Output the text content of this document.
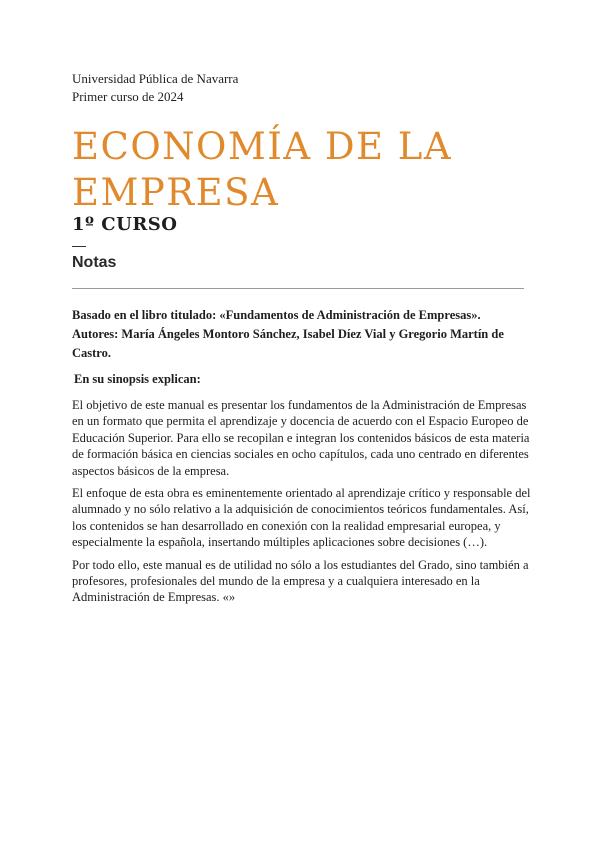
Universidad Pública de Navarra

Primer curso de 2024

ECONOMÍA DE LA EMPRESA
1º CURSO
Notas

Basado en el libro titulado: «Fundamentos de Administración de Empresas». Autores: María Ángeles Montoro Sánchez, Isabel Díez Vial y Gregorio Martín de Castro.

En su sinopsis explican:

El objetivo de este manual es presentar los fundamentos de la Administración de Empresas en un formato que permita el aprendizaje y docencia de acuerdo con el Espacio Europeo de Educación Superior. Para ello se recopilan e integran los contenidos básicos de esta materia de formación básica en ciencias sociales en ocho capítulos, cada uno centrado en diferentes aspectos básicos de la empresa.

El enfoque de esta obra es eminentemente orientado al aprendizaje crítico y responsable del alumnado y no sólo relativo a la adquisición de conocimientos teóricos fundamentales. Así, los contenidos se han desarrollado en conexión con la realidad empresarial europea, y especialmente la española, insertando múltiples aplicaciones sobre decisiones (…).

Por todo ello, este manual es de utilidad no sólo a los estudiantes del Grado, sino también a profesores, profesionales del mundo de la empresa y a cualquiera interesado en la Administración de Empresas. «»
